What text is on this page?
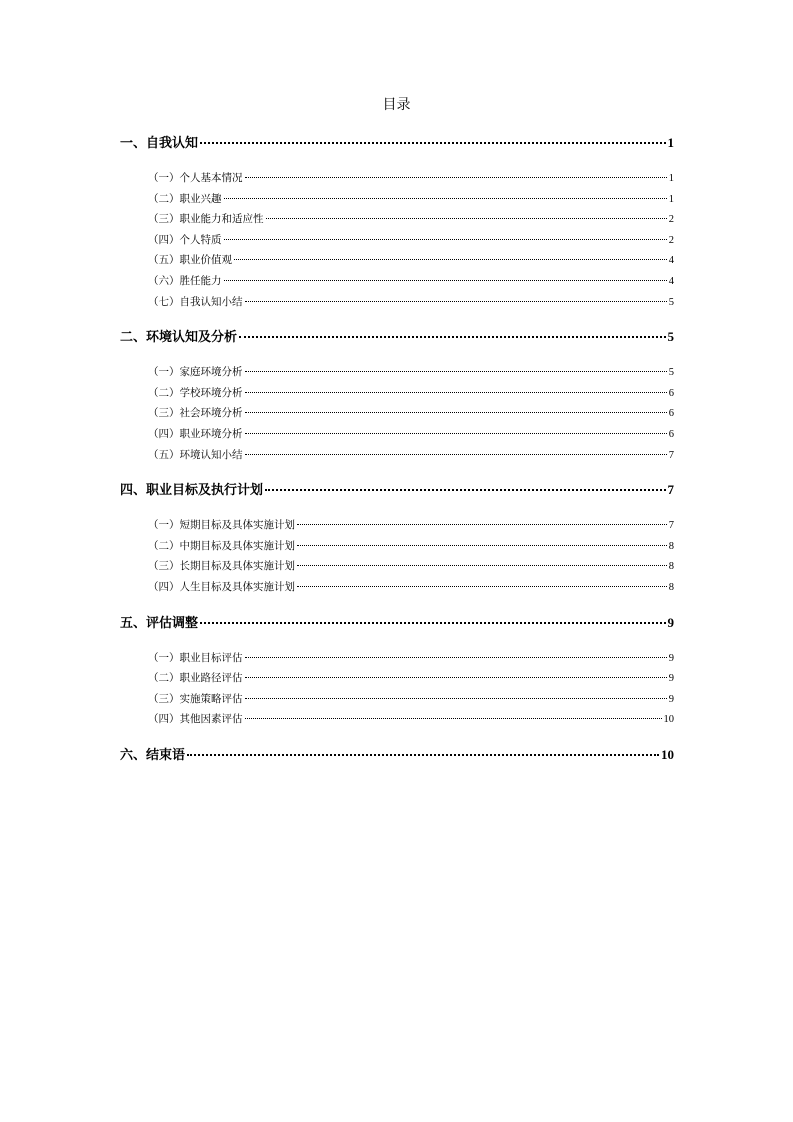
目录
一、自我认知	1
（一）个人基本情况	1
（二）职业兴趣	1
（三）职业能力和适应性	2
（四）个人特质	2
（五）职业价值观	4
（六）胜任能力	4
（七）自我认知小结	5
二、环境认知及分析	5
（一）家庭环境分析	5
（二）学校环境分析	6
（三）社会环境分析	6
（四）职业环境分析	6
（五）环境认知小结	7
四、职业目标及执行计划	7
（一）短期目标及具体实施计划	7
（二）中期目标及具体实施计划	8
（三）长期目标及具体实施计划	8
（四）人生目标及具体实施计划	8
五、评估调整	9
（一）职业目标评估	9
（二）职业路径评估	9
（三）实施策略评估	9
（四）其他因素评估	10
六、结束语	10
